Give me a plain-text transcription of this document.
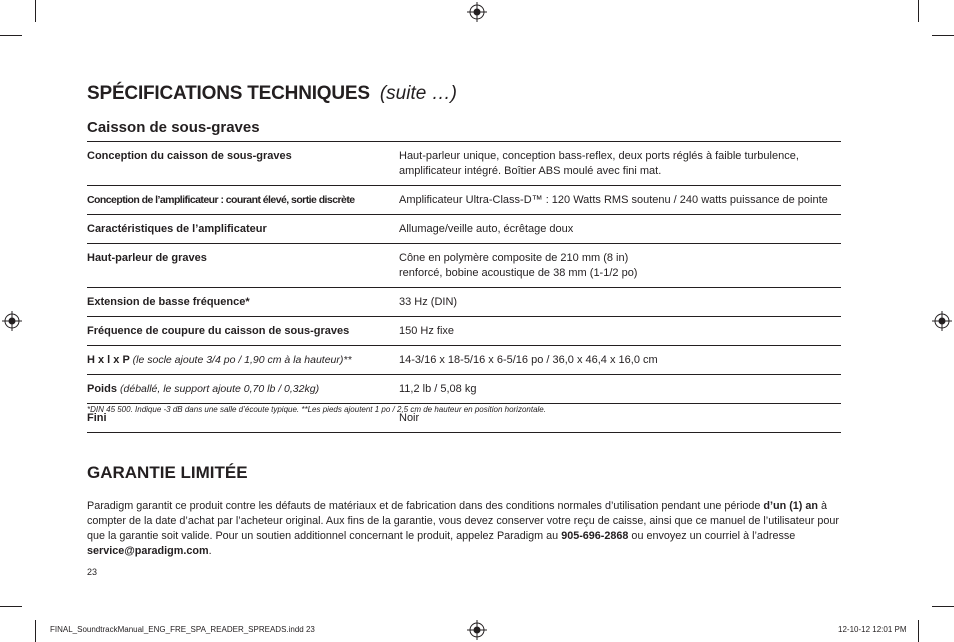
SPÉCIFICATIONS TECHNIQUES (suite …)
Caisson de sous-graves
Conception du caisson de sous-graves	Haut-parleur unique, conception bass-reflex, deux ports réglés à faible turbulence,
amplificateur intégré. Boîtier ABS moulé avec fini mat.
Conception de l’amplificateur : courant élevé, sortie discrète	Amplificateur Ultra-Class-D™ : 120 Watts RMS soutenu / 240 watts puissance de pointe
Caractéristiques de l’amplificateur	Allumage/veille auto, écrêtage doux
Haut-parleur de graves	Cône en polymère composite de 210 mm (8 in)
renforcé, bobine acoustique de 38 mm (1-1/2 po)
Extension de basse fréquence*	33 Hz (DIN)
Fréquence de coupure du caisson de sous-graves	150 Hz fixe
H x l x P (le socle ajoute 3/4 po / 1,90 cm à la hauteur)**	14-3/16 x 18-5/16 x 6-5/16 po / 36,0 x 46,4 x 16,0 cm
Poids (déballé, le support ajoute 0,70 lb / 0,32kg)	11,2 lb / 5,08 kg
Fini	Noir

*DIN 45 500. Indique -3 dB dans une salle d’écoute typique. **Les pieds ajoutent 1 po / 2,5 cm de hauteur en position horizontale.

GARANTIE LIMITÉE

Paradigm garantit ce produit contre les défauts de matériaux et de fabrication dans des conditions normales d’utilisation pendant une période d’un (1) an à compter de la date d’achat par l’acheteur original. Aux fins de la garantie, vous devez conserver votre reçu de caisse, ainsi que ce manuel de l’utilisateur pour que la garantie soit valide. Pour un soutien additionnel concernant le produit, appelez Paradigm au 905-696-2868 ou envoyez un courriel à l’adresse service@paradigm.com.

23
FINAL_SoundtrackManual_ENG_FRE_SPA_READER_SPREADS.indd 23	12-10-12 12:01 PM
